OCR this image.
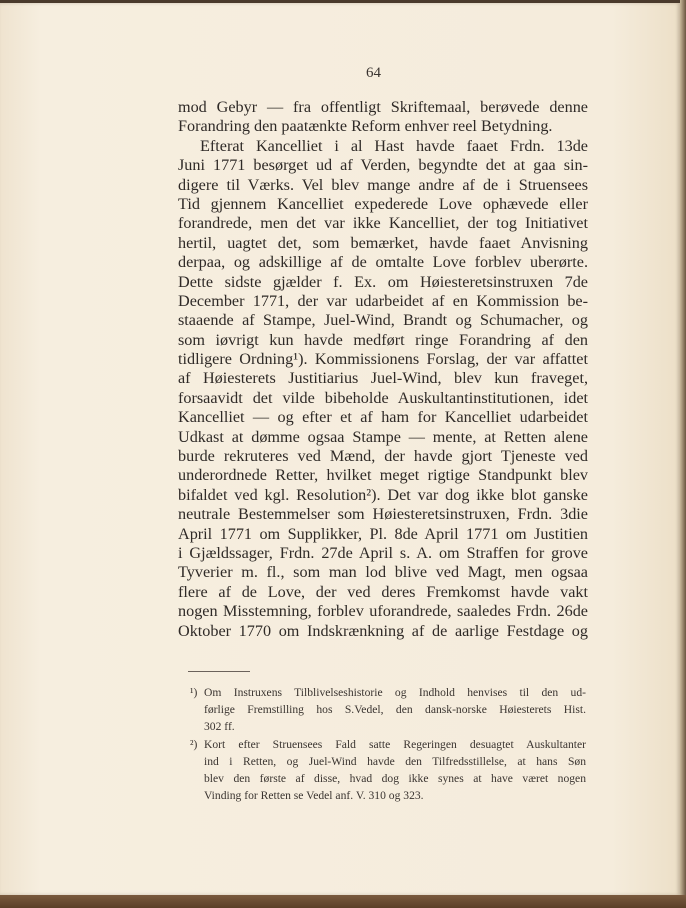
64
mod Gebyr — fra offentligt Skriftemaal, berøvede denne
Forandring den paatænkte Reform enhver reel Betydning.
Efterat Kancelliet i al Hast havde faaet Frdn. 13de
Juni 1771 besørget ud af Verden, begyndte det at gaa sin-
digere til Værks. Vel blev mange andre af de i Struensees
Tid gjennem Kancelliet expederede Love ophævede eller
forandrede, men det var ikke Kancelliet, der tog Initiativet
hertil, uagtet det, som bemærket, havde faaet Anvisning
derpaa, og adskillige af de omtalte Love forblev uberørte.
Dette sidste gjælder f. Ex. om Høiesteretsinstruxen 7de
December 1771, der var udarbeidet af en Kommission be-
staaende af Stampe, Juel-Wind, Brandt og Schumacher, og
som iøvrigt kun havde medført ringe Forandring af den
tidligere Ordning¹). Kommissionens Forslag, der var affattet
af Høiesterets Justitiarius Juel-Wind, blev kun fraveget,
forsaavidt det vilde bibeholde Auskultantinstitutionen, idet
Kancelliet — og efter et af ham for Kancelliet udarbeidet
Udkast at dømme ogsaa Stampe — mente, at Retten alene
burde rekruteres ved Mænd, der havde gjort Tjeneste ved
underordnede Retter, hvilket meget rigtige Standpunkt blev
bifaldet ved kgl. Resolution²). Det var dog ikke blot ganske
neutrale Bestemmelser som Høiesteretsinstruxen, Frdn. 3die
April 1771 om Supplikker, Pl. 8de April 1771 om Justitien
i Gjældssager, Frdn. 27de April s. A. om Straffen for grove
Tyverier m. fl., som man lod blive ved Magt, men ogsaa
flere af de Love, der ved deres Fremkomst havde vakt
nogen Misstemning, forblev uforandrede, saaledes Frdn. 26de
Oktober 1770 om Indskrænkning af de aarlige Festdage og
¹) Om Instruxens Tilblivelseshistorie og Indhold henvises til den ud-
førlige Fremstilling hos S.Vedel, den dansk-norske Høiesterets Hist.
302 ff.
²) Kort efter Struensees Fald satte Regeringen desuagtet Auskultanter
ind i Retten, og Juel-Wind havde den Tilfredsstillelse, at hans Søn
blev den første af disse, hvad dog ikke synes at have været nogen
Vinding for Retten se Vedel anf. V. 310 og 323.
